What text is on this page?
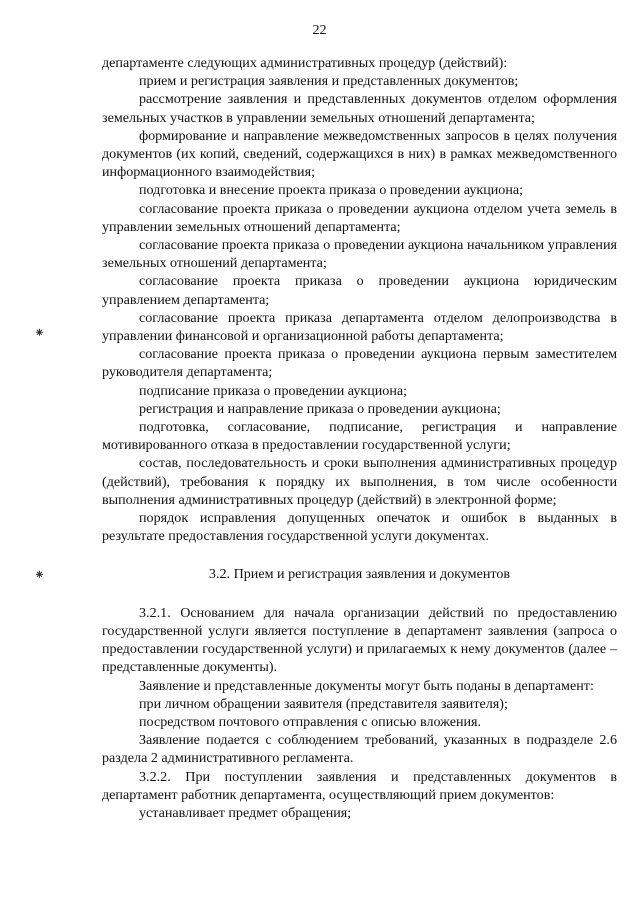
22
⁕
⁕

департаменте следующих административных процедур (действий):

прием и регистрация заявления и представленных документов;

рассмотрение заявления и представленных документов отделом оформления земельных участков в управлении земельных отношений департамента;

формирование и направление межведомственных запросов в целях получения документов (их копий, сведений, содержащихся в них) в рамках межведомственного информационного взаимодействия;

подготовка и внесение проекта приказа о проведении аукциона;

согласование проекта приказа о проведении аукциона отделом учета земель в управлении земельных отношений департамента;

согласование проекта приказа о проведении аукциона начальником управления земельных отношений департамента;

согласование проекта приказа о проведении аукциона юридическим управлением департамента;

согласование проекта приказа департамента отделом делопроизводства в управлении финансовой и организационной работы департамента;

согласование проекта приказа о проведении аукциона первым заместителем руководителя департамента;

подписание приказа о проведении аукциона;

регистрация и направление приказа о проведении аукциона;

подготовка, согласование, подписание, регистрация и направление мотивированного отказа в предоставлении государственной услуги;

состав, последовательность и сроки выполнения административных процедур (действий), требования к порядку их выполнения, в том числе особенности выполнения административных процедур (действий) в электронной форме;

порядок исправления допущенных опечаток и ошибок в выданных в результате предоставления государственной услуги документах.

3.2. Прием и регистрация заявления и документов

3.2.1. Основанием для начала организации действий по предоставлению государственной услуги является поступление в департамент заявления (запроса о предоставлении государственной услуги) и прилагаемых к нему документов (далее – представленные документы).

Заявление и представленные документы могут быть поданы в департамент:

при личном обращении заявителя (представителя заявителя);

посредством почтового отправления с описью вложения.

Заявление подается с соблюдением требований, указанных в подразделе 2.6 раздела 2 административного регламента.

3.2.2. При поступлении заявления и представленных документов в департамент работник департамента, осуществляющий прием документов:

устанавливает предмет обращения;
